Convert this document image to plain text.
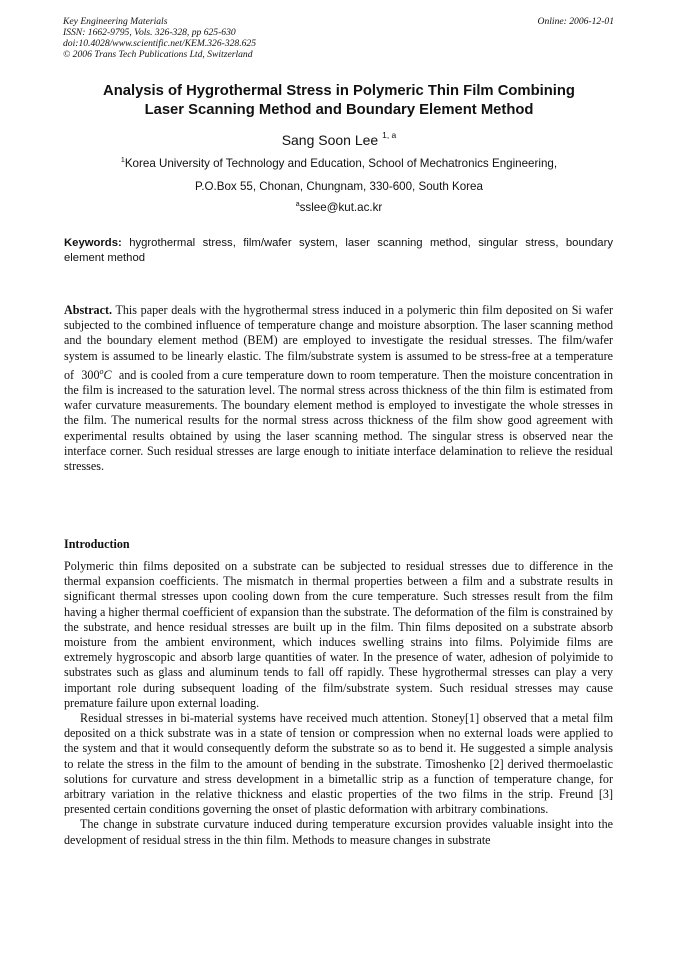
Key Engineering Materials
ISSN: 1662-9795, Vols. 326-328, pp 625-630
doi:10.4028/www.scientific.net/KEM.326-328.625
© 2006 Trans Tech Publications Ltd, Switzerland
Online: 2006-12-01
Analysis of Hygrothermal Stress in Polymeric Thin Film Combining
Laser Scanning Method and Boundary Element Method
Sang Soon Lee $^{1, a}$
$^1$Korea University of Technology and Education, School of Mechatronics Engineering,
P.O.Box 55, Chonan, Chungnam, 330-600, South Korea
$^a$sslee@kut.ac.kr
Keywords: hygrothermal stress, film/wafer system, laser scanning method, singular stress, boundary element method
Abstract. This paper deals with the hygrothermal stress induced in a polymeric thin film deposited on Si wafer subjected to the combined influence of temperature change and moisture absorption. The laser scanning method and the boundary element method (BEM) are employed to investigate the residual stresses. The film/wafer system is assumed to be linearly elastic. The film/substrate system is assumed to be stress-free at a temperature of 300$^o$C and is cooled from a cure temperature down to room temperature. Then the moisture concentration in the film is increased to the saturation level. The normal stress across thickness of the thin film is estimated from wafer curvature measurements. The boundary element method is employed to investigate the whole stresses in the film. The numerical results for the normal stress across thickness of the film show good agreement with experimental results obtained by using the laser scanning method. The singular stress is observed near the interface corner. Such residual stresses are large enough to initiate interface delamination to relieve the residual stresses.
Introduction

Polymeric thin films deposited on a substrate can be subjected to residual stresses due to difference in the thermal expansion coefficients. The mismatch in thermal properties between a film and a substrate results in significant thermal stresses upon cooling down from the cure temperature. Such stresses result from the film having a higher thermal coefficient of expansion than the substrate. The deformation of the film is constrained by the substrate, and hence residual stresses are built up in the film. Thin films deposited on a substrate absorb moisture from the ambient environment, which induces swelling strains into films. Polyimide films are extremely hygroscopic and absorb large quantities of water. In the presence of water, adhesion of polyimide to substrates such as glass and aluminum tends to fall off rapidly. These hygrothermal stresses can play a very important role during subsequent loading of the film/substrate system. Such residual stresses may cause premature failure upon external loading.

Residual stresses in bi-material systems have received much attention. Stoney[1] observed that a metal film deposited on a thick substrate was in a state of tension or compression when no external loads were applied to the system and that it would consequently deform the substrate so as to bend it. He suggested a simple analysis to relate the stress in the film to the amount of bending in the substrate. Timoshenko [2] derived thermoelastic solutions for curvature and stress development in a bimetallic strip as a function of temperature change, for arbitrary variation in the relative thickness and elastic properties of the two films in the strip. Freund [3] presented certain conditions governing the onset of plastic deformation with arbitrary combinations.

The change in substrate curvature induced during temperature excursion provides valuable insight into the development of residual stress in the thin film. Methods to measure changes in substrate
